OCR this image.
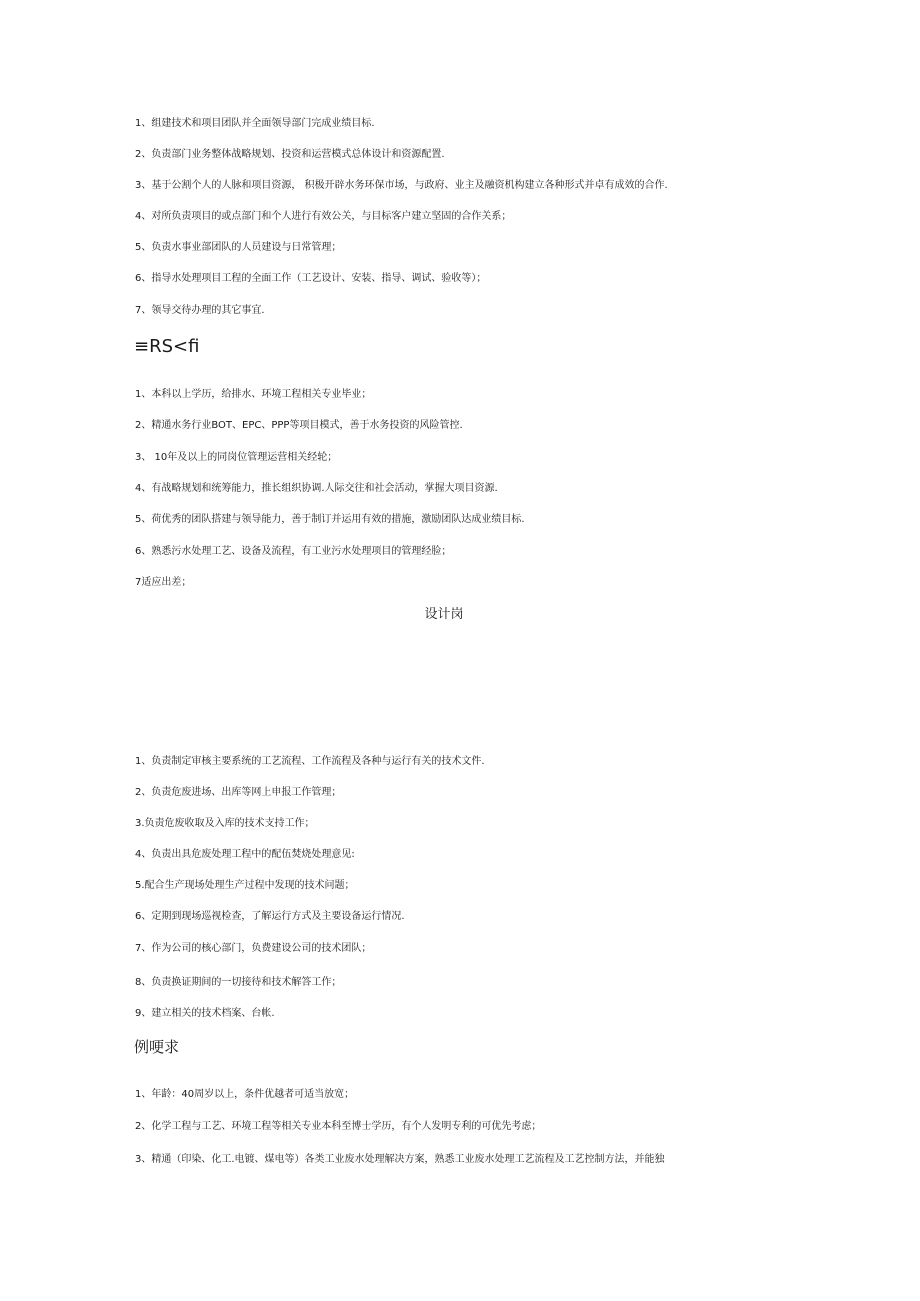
1、组建技术和项目团队并全面领导部门完成业绩目标.

2、负责部门业务整体战略规划、投资和运营模式总体设计和资源配置.

3、基于公割个人的人脉和项目资源， 积极开辟水务环保市场，与政府、业主及融资机构建立各种形式并卓有成效的合作.

4、对所负责项目的或点部门和个人进行有效公关，与目标客户建立坚固的合作关系；

5、负责水事业部团队的人员建设与日常管理；

6、指导水处理项目工程的全面工作（工艺设计、安装、指导、调试、验收等）；

7、领导交待办理的其它事宜.

≡RS<fi

1、本科以上学历，给排水、环境工程相关专业毕业；

2、精通水务行业BOT、EPC、PPP等项目模式，善于水务投资的风险管控.

3、 10年及以上的同岗位管理运营相关经轮；

4、有战略规划和统筹能力，推长组织协调.人际交往和社会活动，掌握大项目资源.

5、荷优秀的团队搭建与领导能力，善于制订并运用有效的措施，激励团队达成业绩目标.

6、熟悉污水处理工艺、设备及流程，有工业污水处理项目的管理经脸；

7适应出差；

设计岗

1、负责制定审核主要系统的工艺流程、工作流程及各种与运行有关的技术文件.

2、负责危废进场、出库等网上申报工作管理；

3.负责危废收取及入库的技术支持工作；

4、负责出具危废处理工程中的配伍焚烧处理意见:

5.配合生产现场处理生产过程中发现的技术问题；

6、定期到现场巡视检查，了解运行方式及主要设备运行情况.

7、作为公司的核心部门，负费建设公司的技术团队；

8、负责换证期间的一切接待和技术解答工作；

9、建立相关的技术档案、台帐.

例哽求

1、年龄：40周岁以上，条件优越者可适当放宽；

2、化学工程与工艺、环境工程等相关专业本科至博士学历，有个人发明专利的可优先考虑；

3、精通（印染、化工.电镀、煤电等）各类工业废水处理解决方案，熟悉工业废水处理工艺流程及工艺控制方法，并能独
